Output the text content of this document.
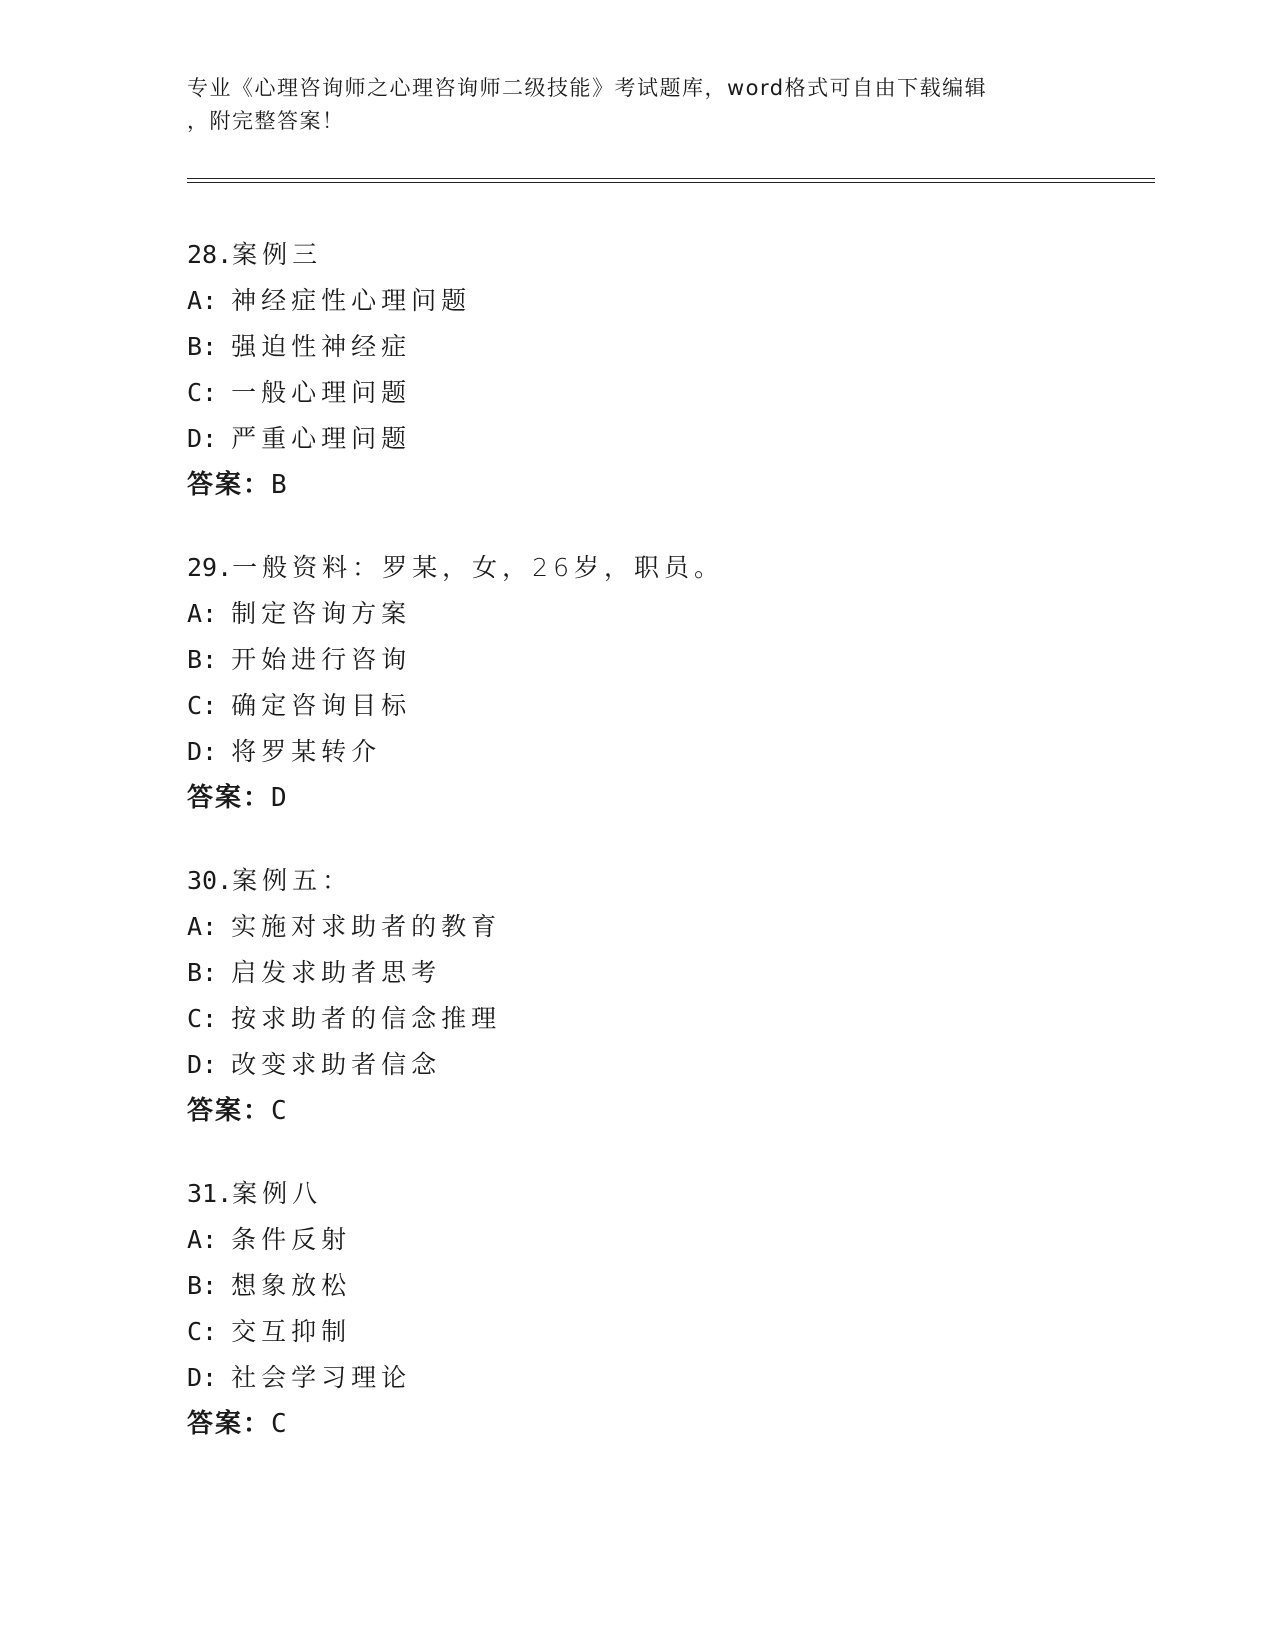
专业《心理咨询师之心理咨询师二级技能》考试题库，word格式可自由下载编辑
，附完整答案！
28.案例三
A: 神经症性心理问题
B: 强迫性神经症
C: 一般心理问题
D: 严重心理问题
答案：B
29.一般资料：罗某，女，26岁，职员。
A: 制定咨询方案
B: 开始进行咨询
C: 确定咨询目标
D: 将罗某转介
答案：D
30.案例五：
A: 实施对求助者的教育
B: 启发求助者思考
C: 按求助者的信念推理
D: 改变求助者信念
答案：C
31.案例八
A: 条件反射
B: 想象放松
C: 交互抑制
D: 社会学习理论
答案：C
